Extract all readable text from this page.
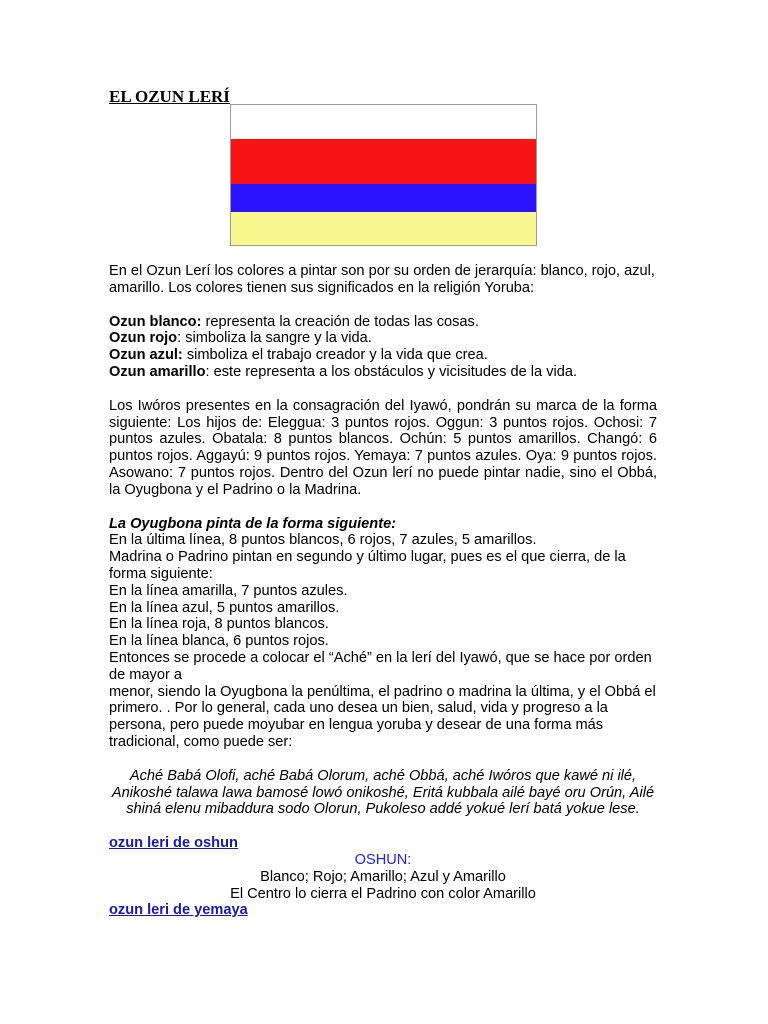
EL OZUN LERÍ

En el Ozun Lerí los colores a pintar son por su orden de jerarquía: blanco, rojo, azul, amarillo. Los colores tienen sus significados en la religión Yoruba:

Ozun blanco: representa la creación de todas las cosas.

Ozun rojo: simboliza la sangre y la vida.

Ozun azul: simboliza el trabajo creador y la vida que crea.

Ozun amarillo: este representa a los obstáculos y vicisitudes de la vida.

Los Iwóros presentes en la consagración del Iyawó, pondrán su marca de la forma siguiente: Los hijos de: Eleggua: 3 puntos rojos. Oggun: 3 puntos rojos. Ochosi: 7 puntos azules. Obatala: 8 puntos blancos. Ochún: 5 puntos amarillos. Changó: 6 puntos rojos. Aggayú: 9 puntos rojos. Yemaya: 7 puntos azules. Oya: 9 puntos rojos. Asowano: 7 puntos rojos. Dentro del Ozun lerí no puede pintar nadie, sino el Obbá, la Oyugbona y el Padrino o la Madrina.

La Oyugbona pinta de la forma siguiente:

En la última línea, 8 puntos blancos, 6 rojos, 7 azules, 5 amarillos.

Madrina o Padrino pintan en segundo y último lugar, pues es el que cierra, de la forma siguiente:

En la línea amarilla, 7 puntos azules.

En la línea azul, 5 puntos amarillos.

En la línea roja, 8 puntos blancos.

En la línea blanca, 6 puntos rojos.

Entonces se procede a colocar el “Aché” en la lerí del Iyawó, que se hace por orden de mayor a

menor, siendo la Oyugbona la penúltima, el padrino o madrina la última, y el Obbá el primero. . Por lo general, cada uno desea un bien, salud, vida y progreso a la persona, pero puede moyubar en lengua yoruba y desear de una forma más tradicional, como puede ser:

Aché Babá Olofi, aché Babá Olorum, aché Obbá, aché Iwóros que kawé ni ilé, Anikoshé talawa lawa bamosé lowó onikoshé, Eritá kubbala ailé bayé oru Orún, Ailé shiná elenu mibaddura sodo Olorun, Pukoleso addé yokué lerí batá yokue lese.

ozun leri de oshun

OSHUN:

Blanco; Rojo; Amarillo; Azul y Amarillo

El Centro lo cierra el Padrino con color Amarillo

ozun leri de yemaya
